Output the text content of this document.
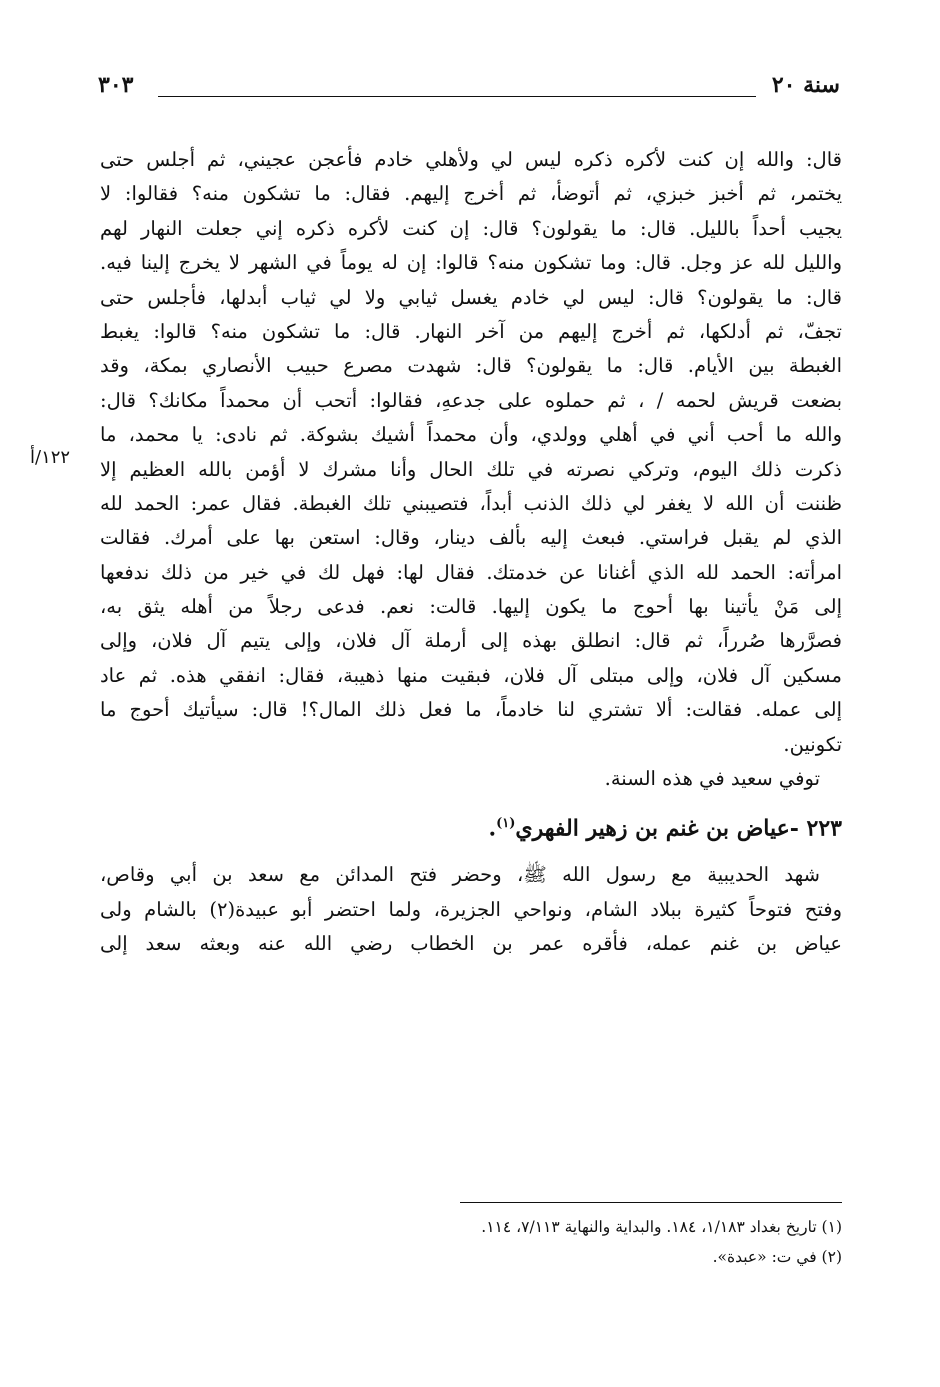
سنة ٢٠
٣٠٣
١٢٢/أ
قال: والله إن كنت لأكره ذكره ليس لي ولأهلي خادم فأعجن عجيني، ثم أجلس حتى
يختمر، ثم أخبز خبزي، ثم أتوضأ، ثم أخرج إليهم. فقال: ما تشكون منه؟ فقالوا: لا
يجيب أحداً بالليل. قال: ما يقولون؟ قال: إن كنت لأكره ذكره إني جعلت النهار لهم
والليل لله عز وجل. قال: وما تشكون منه؟ قالوا: إن له يوماً في الشهر لا يخرج إلينا فيه.
قال: ما يقولون؟ قال: ليس لي خادم يغسل ثيابي ولا لي ثياب أبدلها، فأجلس حتى
تجفّ، ثم أدلكها، ثم أخرج إليهم من آخر النهار. قال: ما تشكون منه؟ قالوا: يغبط
الغبطة بين الأيام. قال: ما يقولون؟ قال: شهدت مصرع حبيب الأنصاري بمكة، وقد
بضعت قريش لحمه / ، ثم حملوه على جدعهِ، فقالوا: أتحب أن محمداً مكانك؟ قال:
والله ما أحب أني في أهلي وولدي، وأن محمداً أشيك بشوكة. ثم نادى: يا محمد، ما
ذكرت ذلك اليوم، وتركي نصرته في تلك الحال وأنا مشرك لا أؤمن بالله العظيم إلا
ظننت أن الله لا يغفر لي ذلك الذنب أبداً، فتصيبني تلك الغبطة. فقال عمر: الحمد لله
الذي لم يقبل فراستي. فبعث إليه بألف دينار، وقال: استعن بها على أمرك. فقالت
امرأته: الحمد لله الذي أغنانا عن خدمتك. فقال لها: فهل لك في خير من ذلك ندفعها
إلى مَنْ يأتينا بها أحوج ما يكون إليها. قالت: نعم. فدعى رجلاً من أهله يثق به،
فصرَّرها صُرراً، ثم قال: انطلق بهذه إلى أرملة آل فلان، وإلى يتيم آل فلان، وإلى
مسكين آل فلان، وإلى مبتلى آل فلان، فبقيت منها ذهيبة، فقال: انفقي هذه. ثم عاد
إلى عمله. فقالت: ألا تشتري لنا خادماً، ما فعل ذلك المال؟! قال: سيأتيك أحوج ما
تكونين.
توفي سعيد في هذه السنة.
٢٢٣ -عياض بن غنم بن زهير الفهري$^{(١)}$.
شهد الحديبية مع رسول الله ﷺ، وحضر فتح المدائن مع سعد بن أبي وقاص،
وفتح فتوحاً كثيرة ببلاد الشام، ونواحي الجزيرة، ولما احتضر أبو عبيدة(٢) بالشام ولى
عياض بن غنم عمله، فأقره عمر بن الخطاب رضي الله عنه وبعثه سعد إلى
(١) تاريخ بغداد ١/١٨٣، ١٨٤. والبداية والنهاية ٧/١١٣، ١١٤.
(٢) في ت: «عبدة».
